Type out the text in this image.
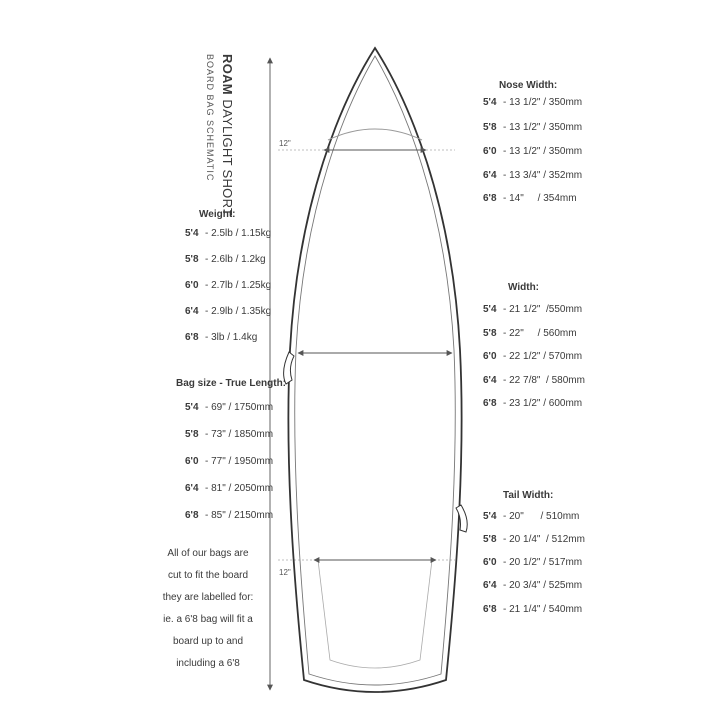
12"
12"
ROAM DAYLIGHT SHORT
BOARD BAG SCHEMATIC
Weight:
5'4 - 2.5lb / 1.15kg
5'8 - 2.6lb / 1.2kg
6'0 - 2.7lb / 1.25kg
6'4 - 2.9lb / 1.35kg
6'8 - 3lb / 1.4kg
Bag size - True Length:
5'4 - 69" / 1750mm
5'8 - 73" / 1850mm
6'0 - 77" / 1950mm
6'4 - 81" / 2050mm
6'8 - 85" / 2150mm
All of our bags are
cut to fit the board
they are labelled for:
ie. a 6'8 bag will fit a
board up to and
including a 6'8
Nose Width:
5'4 - 13 1/2" / 350mm
5'8 - 13 1/2" / 350mm
6'0 - 13 1/2" / 350mm
6'4 - 13 3/4" / 352mm
6'8 - 14"     / 354mm
Width:
5'4 - 21 1/2"  /550mm
5'8 - 22"     / 560mm
6'0 - 22 1/2" / 570mm
6'4 - 22 7/8"  / 580mm
6'8 - 23 1/2" / 600mm
Tail Width:
5'4 - 20"      / 510mm
5'8 - 20 1/4"  / 512mm
6'0 - 20 1/2" / 517mm
6'4 - 20 3/4" / 525mm
6'8 - 21 1/4" / 540mm
